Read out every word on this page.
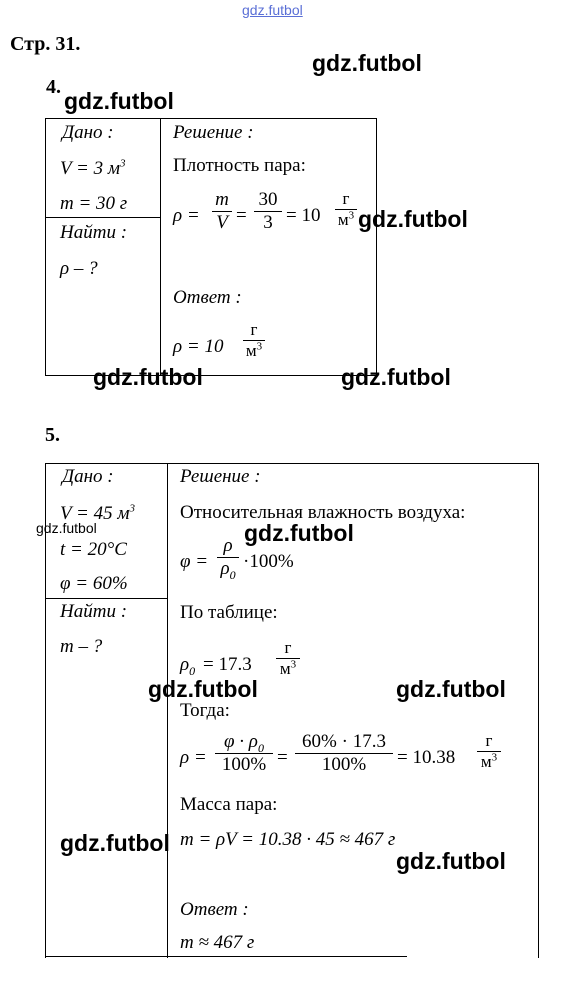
gdz.futbol
gdz.futbol
gdz.futbol
gdz.futbol
gdz.futbol	gdz.futbol
Стр. 31.
4.
Дано :
V = 3 $м^3$
m = 30 г
Найти :
ρ – ?
Решение :
Плотность пара:
ρ =
m
V =
30
3 = 10
г
$м^3$
Ответ :
ρ = 10
г
$м^3$
5.
Дано :
V = 45 $м^3$
gdz.futbol
t = 20°C
φ = 60%
Найти :
m – ?
Решение :
Относительная влажность воздуха:
gdz.futbol
φ =
ρ
$\rho_0$
·100%
По таблице:
$\rho_0 = 17.3$
г
$м^3$
gdz.futbol	gdz.futbol
Тогда:
ρ =
$\varphi \cdot \rho_0$
100% =
60% · 17.3
100%	= 10.38
г
$м^3$
Масса пара:
gdz.futbol m = ρV = 10.38 · 45 ≈ 467 г
gdz.futbol
Ответ :
m ≈ 467 г
